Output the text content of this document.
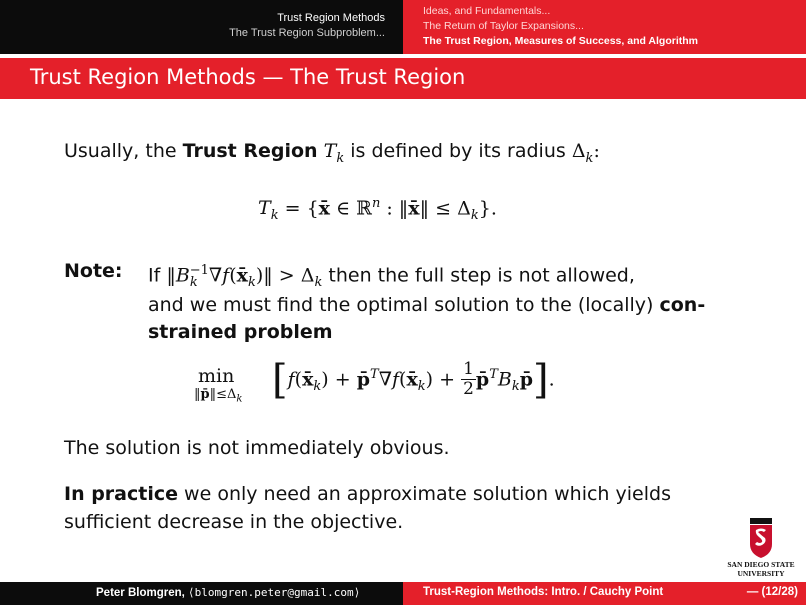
Trust Region Methods
The Trust Region Subproblem...
Ideas, and Fundamentals...
The Return of Taylor Expansions...
The Trust Region, Measures of Success, and Algorithm
Trust Region Methods — The Trust Region
Usually, the Trust Region $T_k$ is defined by its radius $\Delta_k$:
$T_k$ = {x̄ ∈ ℝ$^n$ : ‖x̄‖ ≤ $\Delta_k$}.
Note: If $‖B_k^{-1}\nabla f(x̄_k)‖ > \Delta_k$ then the full step is not allowed,
and we must find the optimal solution to the (locally) con-
strained problem
min
$‖p̄‖\le\Delta_k$ [$f(x̄_k)$ + $p̄^T\nabla f(x̄_k) + \frac{1}{2}$ $p̄^TB_kp̄$].
The solution is not immediately obvious.
In practice we only need an approximate solution which yields
sufficient decrease in the objective.
SAN DIEGO STATE
UNIVERSITY
Peter Blomgren, ⟨blomgren.peter@gmail.com⟩	Trust-Region Methods: Intro. / Cauchy Point	— (12/28)
